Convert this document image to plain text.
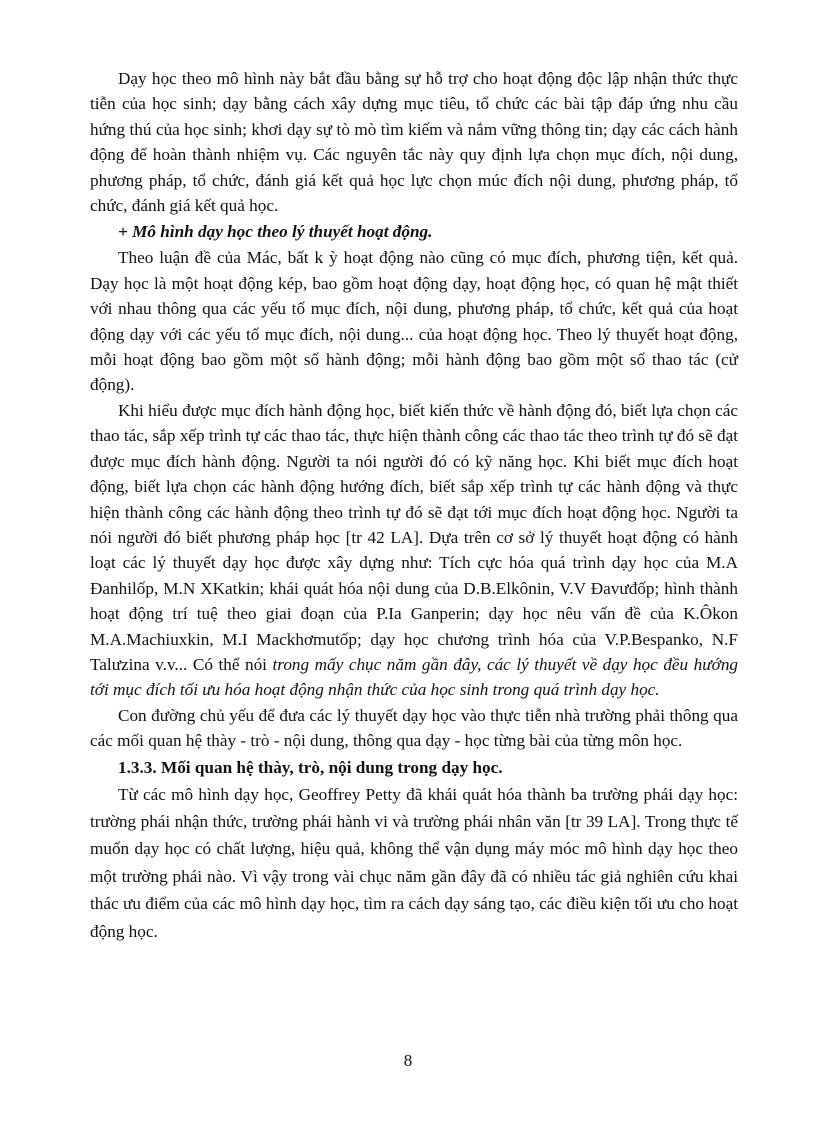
Dạy học theo mô hình này bắt đầu bằng sự hỗ trợ cho hoạt động độc lập nhận thức thực tiễn của học sinh; dạy bằng cách xây dựng mục tiêu, tổ chức các bài tập đáp ứng nhu cầu hứng thú của học sinh; khơi dạy sự tò mò tìm kiếm và nắm vững thông tin; dạy các cách hành động để hoàn thành nhiệm vụ. Các nguyên tắc này quy định lựa chọn mục đích, nội dung, phương pháp, tổ chức, đánh giá kết quả học lực chọn múc đích nội dung, phương pháp, tổ chức, đánh giá kết quả học.

+ Mô hình dạy học theo lý thuyết hoạt động.

Theo luận đề của Mác, bất k ỳ hoạt động nào cũng có mục đích, phương tiện, kết quả. Dạy học là một hoạt động kép, bao gồm hoạt động dạy, hoạt động học, có quan hệ mật thiết với nhau thông qua các yếu tố mục đích, nội dung, phương pháp, tổ chức, kết quả của hoạt động dạy với các yếu tố mục đích, nội dung... của hoạt động học. Theo lý thuyết hoạt động, mỗi hoạt động bao gồm một số hành động; mỗi hành động bao gồm một số thao tác (cử động).

Khi hiểu được mục đích hành động học, biết kiến thức về hành động đó, biết lựa chọn các thao tác, sắp xếp trình tự các thao tác, thực hiện thành công các thao tác theo trình tự đó sẽ đạt được mục đích hành động. Người ta nói người đó có kỹ năng học. Khi biết mục đích hoạt động, biết lựa chọn các hành động hướng đích, biết sắp xếp trình tự các hành động và thực hiện thành công các hành động theo trình tự đó sẽ đạt tới mục đích hoạt động học. Người ta nói người đó biết phương pháp học [tr 42 LA]. Dựa trên cơ sở lý thuyết hoạt động có hành loạt các lý thuyết dạy học được xây dựng như: Tích cực hóa quá trình dạy học của M.A Đanhilốp, M.N XKatkin; khái quát hóa nội dung của D.B.Elkônin, V.V Đavưđốp; hình thành hoạt động trí tuệ theo giai đoạn của P.Ia Ganperin; dạy học nêu vấn đề của K.Ôkon M.A.Machiuxkin, M.I Mackhơmutốp; dạy học chương trình hóa của V.P.Bespanko, N.F Talưzina v.v... Có thể nói trong mấy chục năm gần đây, các lý thuyết về dạy học đều hướng tới mục đích tối ưu hóa hoạt động nhận thức của học sinh trong quá trình dạy học.

Con đường chủ yếu để đưa các lý thuyết dạy học vào thực tiễn nhà trường phải thông qua các mối quan hệ thày - trò - nội dung, thông qua dạy - học từng bài của từng môn học.

1.3.3. Mối quan hệ thày, trò, nội dung trong dạy học.

Từ các mô hình dạy học, Geoffrey Petty đã khái quát hóa thành ba trường phái dạy học: trường phái nhận thức, trường phái hành vi và trường phái nhân văn [tr 39 LA]. Trong thực tế muốn dạy học có chất lượng, hiệu quả, không thể vận dụng máy móc mô hình dạy học theo một trường phái nào. Vì vậy trong vài chục năm gần đây đã có nhiều tác giả nghiên cứu khai thác ưu điểm của các mô hình dạy học, tìm ra cách dạy sáng tạo, các điều kiện tối ưu cho hoạt động học.

8
